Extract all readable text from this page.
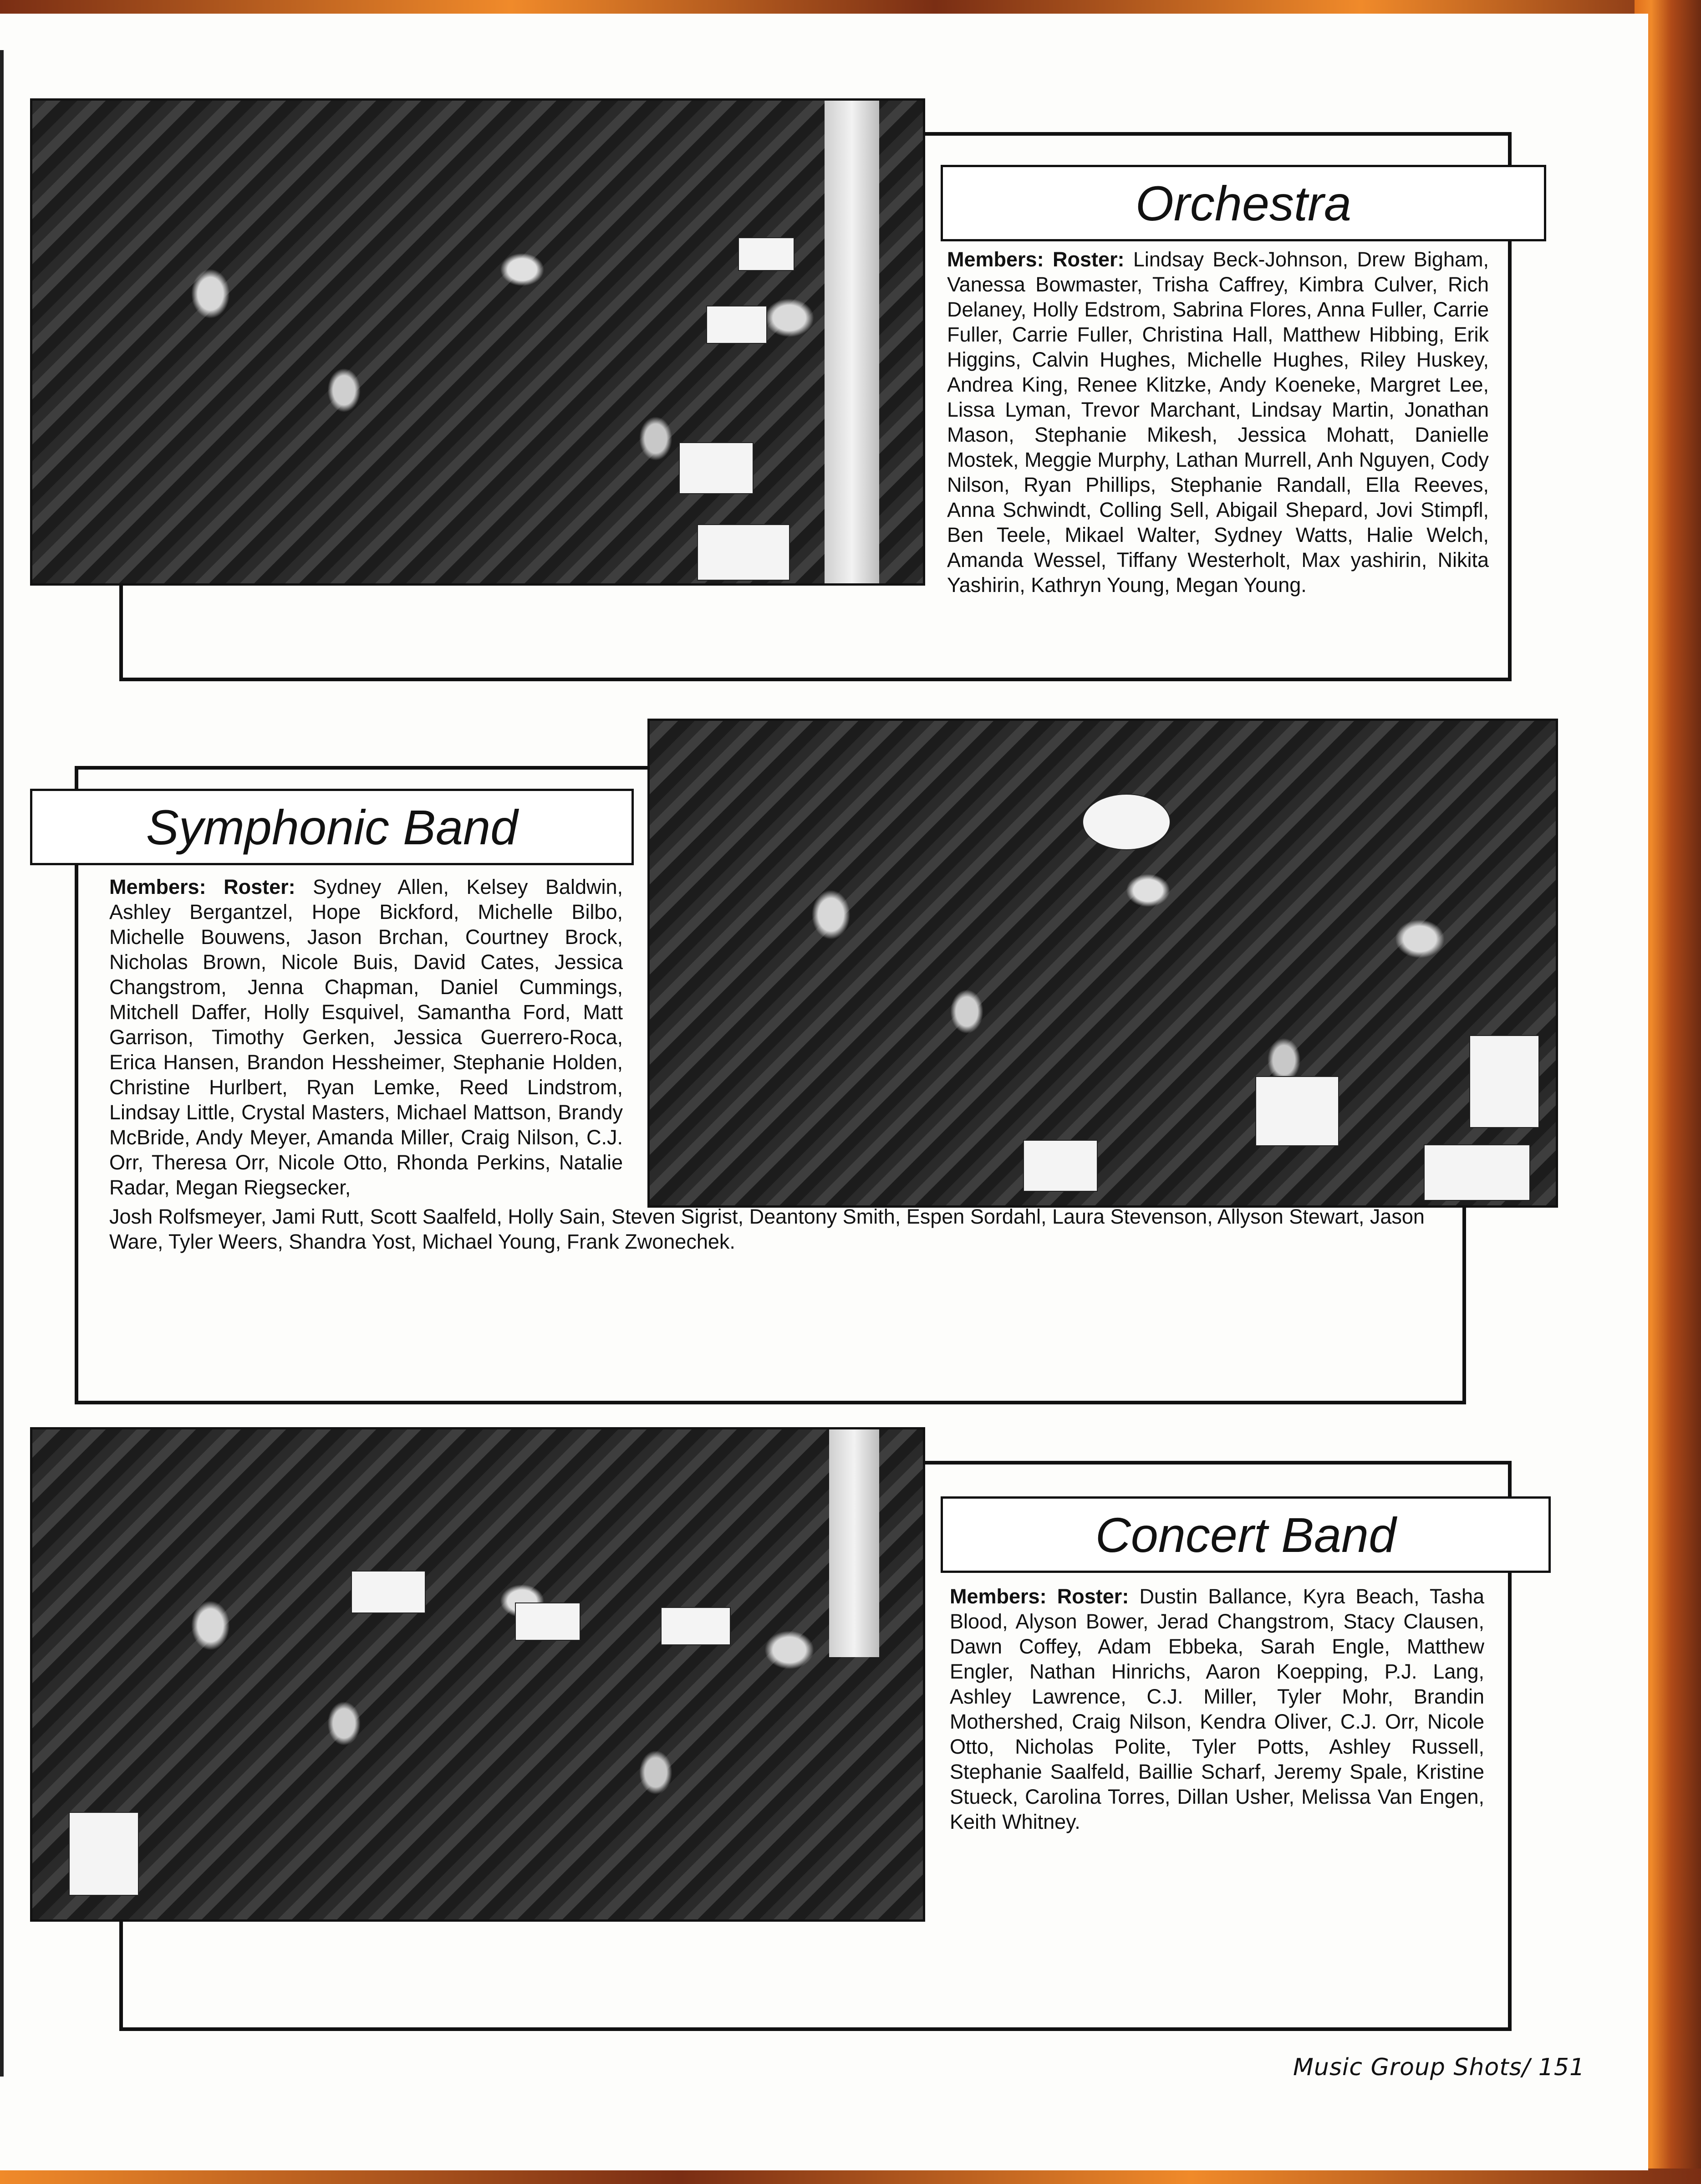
Orchestra
Members: Roster: Lindsay Beck-Johnson, Drew Bigham, Vanessa Bowmaster, Trisha Caffrey, Kimbra Culver, Rich Delaney, Holly Edstrom, Sabrina Flores, Anna Fuller, Carrie Fuller, Carrie Fuller, Christina Hall, Matthew Hibbing, Erik Higgins, Calvin Hughes, Michelle Hughes, Riley Huskey, Andrea King, Renee Klitzke, Andy Koeneke, Margret Lee, Lissa Lyman, Trevor Marchant, Lindsay Martin, Jonathan Mason, Stephanie Mikesh, Jessica Mohatt, Danielle Mostek, Meggie Murphy, Lathan Murrell, Anh Nguyen, Cody Nilson, Ryan Phillips, Stephanie Randall, Ella Reeves, Anna Schwindt, Colling Sell, Abigail Shepard, Jovi Stimpfl, Ben Teele, Mikael Walter, Sydney Watts, Halie Welch, Amanda Wessel, Tiffany Westerholt, Max yashirin, Nikita Yashirin, Kathryn Young, Megan Young.
Symphonic Band
Members: Roster: Sydney Allen, Kelsey Baldwin, Ashley Bergantzel, Hope Bickford, Michelle Bilbo, Michelle Bouwens, Jason Brchan, Courtney Brock, Nicholas Brown, Nicole Buis, David Cates, Jessica Changstrom, Jenna Chapman, Daniel Cummings, Mitchell Daffer, Holly Esquivel, Samantha Ford, Matt Garrison, Timothy Gerken, Jessica Guerrero-Roca, Erica Hansen, Brandon Hessheimer, Stephanie Holden, Christine Hurlbert, Ryan Lemke, Reed Lindstrom, Lindsay Little, Crystal Masters, Michael Mattson, Brandy McBride, Andy Meyer, Amanda Miller, Craig Nilson, C.J. Orr, Theresa Orr, Nicole Otto, Rhonda Perkins, Natalie Radar, Megan Riegsecker,
Josh Rolfsmeyer, Jami Rutt, Scott Saalfeld, Holly Sain, Steven Sigrist, Deantony Smith, Espen Sordahl, Laura Stevenson, Allyson Stewart, Jason Ware, Tyler Weers, Shandra Yost, Michael Young, Frank Zwonechek.
Concert Band
Members: Roster: Dustin Ballance, Kyra Beach, Tasha Blood, Alyson Bower, Jerad Changstrom, Stacy Clausen, Dawn Coffey, Adam Ebbeka, Sarah Engle, Matthew Engler, Nathan Hinrichs, Aaron Koepping, P.J. Lang, Ashley Lawrence, C.J. Miller, Tyler Mohr, Brandin Mothershed, Craig Nilson, Kendra Oliver, C.J. Orr, Nicole Otto, Nicholas Polite, Tyler Potts, Ashley Russell, Stephanie Saalfeld, Baillie Scharf, Jeremy Spale, Kristine Stueck, Carolina Torres, Dillan Usher, Melissa Van Engen, Keith Whitney.
Music Group Shots/ 151
